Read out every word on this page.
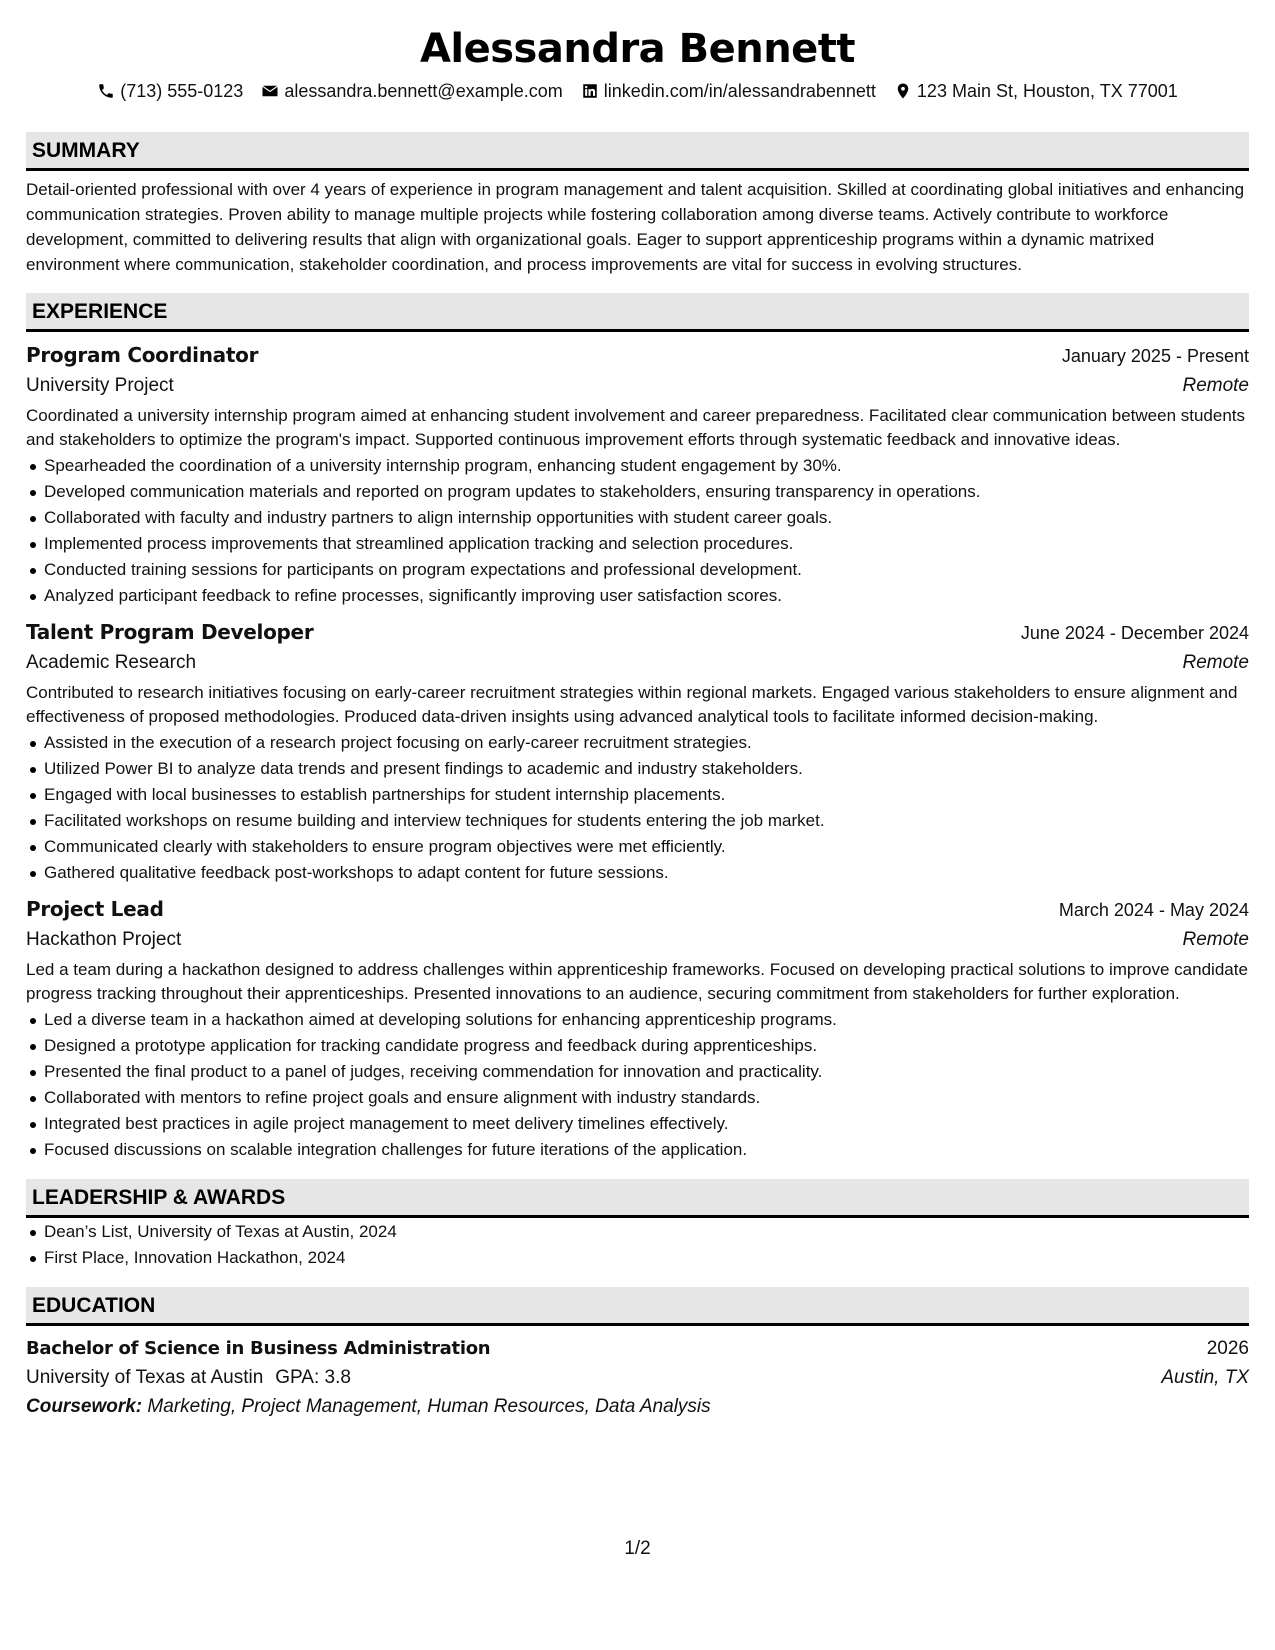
Alessandra Bennett
(713) 555-0123 alessandra.bennett@example.com linkedin.com/in/alessandrabennett 123 Main St, Houston, TX 77001
SUMMARY

Detail-oriented professional with over 4 years of experience in program management and talent acquisition. Skilled at coordinating global initiatives and enhancing communication strategies. Proven ability to manage multiple projects while fostering collaboration among diverse teams. Actively contribute to workforce development, committed to delivering results that align with organizational goals. Eager to support apprenticeship programs within a dynamic matrixed environment where communication, stakeholder coordination, and process improvements are vital for success in evolving structures.

EXPERIENCE
Program Coordinator	January 2025 - Present
University Project	Remote

Coordinated a university internship program aimed at enhancing student involvement and career preparedness. Facilitated clear communication between students and stakeholders to optimize the program's impact. Supported continuous improvement efforts through systematic feedback and innovative ideas.

Spearheaded the coordination of a university internship program, enhancing student engagement by 30%.
Developed communication materials and reported on program updates to stakeholders, ensuring transparency in operations.
Collaborated with faculty and industry partners to align internship opportunities with student career goals.
Implemented process improvements that streamlined application tracking and selection procedures.
Conducted training sessions for participants on program expectations and professional development.
Analyzed participant feedback to refine processes, significantly improving user satisfaction scores.
Talent Program Developer	June 2024 - December 2024
Academic Research	Remote

Contributed to research initiatives focusing on early-career recruitment strategies within regional markets. Engaged various stakeholders to ensure alignment and effectiveness of proposed methodologies. Produced data-driven insights using advanced analytical tools to facilitate informed decision-making.

Assisted in the execution of a research project focusing on early-career recruitment strategies.
Utilized Power BI to analyze data trends and present findings to academic and industry stakeholders.
Engaged with local businesses to establish partnerships for student internship placements.
Facilitated workshops on resume building and interview techniques for students entering the job market.
Communicated clearly with stakeholders to ensure program objectives were met efficiently.
Gathered qualitative feedback post-workshops to adapt content for future sessions.
Project Lead	March 2024 - May 2024
Hackathon Project	Remote

Led a team during a hackathon designed to address challenges within apprenticeship frameworks. Focused on developing practical solutions to improve candidate progress tracking throughout their apprenticeships. Presented innovations to an audience, securing commitment from stakeholders for further exploration.

Led a diverse team in a hackathon aimed at developing solutions for enhancing apprenticeship programs.
Designed a prototype application for tracking candidate progress and feedback during apprenticeships.
Presented the final product to a panel of judges, receiving commendation for innovation and practicality.
Collaborated with mentors to refine project goals and ensure alignment with industry standards.
Integrated best practices in agile project management to meet delivery timelines effectively.
Focused discussions on scalable integration challenges for future iterations of the application.
LEADERSHIP & AWARDS
Dean’s List, University of Texas at Austin, 2024
First Place, Innovation Hackathon, 2024
EDUCATION
Bachelor of Science in Business Administration	2026
University of Texas at Austin GPA: 3.8	Austin, TX
Coursework: Marketing, Project Management, Human Resources, Data Analysis
1/2
